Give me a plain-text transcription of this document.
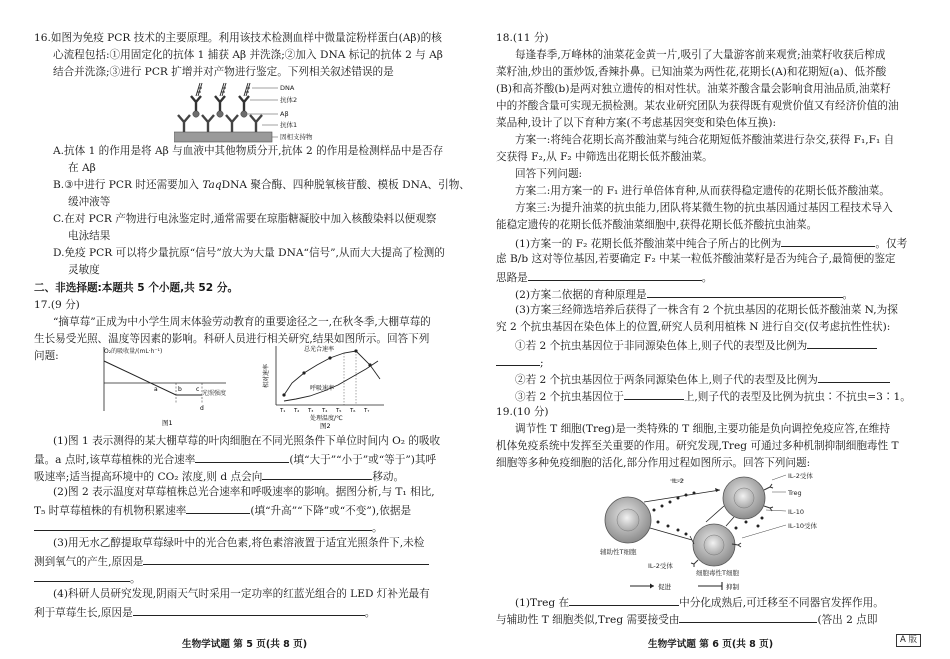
16.如图为免疫 PCR 技术的主要原理。利用该技术检测血样中微量淀粉样蛋白(Aβ)的核
心流程包括:①用固定化的抗体 1 捕获 Aβ 并洗涤;②加入 DNA 标记的抗体 2 与 Aβ
结合并洗涤;③进行 PCR 扩增并对产物进行鉴定。下列相关叙述错误的是
DNA
抗体2
Aβ
抗体1
固相支持物
A.抗体 1 的作用是将 Aβ 与血液中其他物质分开,抗体 2 的作用是检测样品中是否存
在 Aβ
B.③中进行 PCR 时还需要加入 TaqDNA 聚合酶、四种脱氧核苷酸、模板 DNA、引物、
缓冲液等
C.在对 PCR 产物进行电泳鉴定时,通常需要在琼脂糖凝胶中加入核酸染料以便观察
电泳结果
D.免疫 PCR 可以将少量抗原“信号”放大为大量 DNA“信号”,从而大大提高了检测的
灵敏度
二、非选择题:本题共 5 个小题,共 52 分。
17.(9 分)
“摘草莓”正成为中小学生周末体验劳动教育的重要途径之一,在秋冬季,大棚草莓的
生长易受光照、温度等因素的影响。科研人员进行相关研究,结果如图所示。回答下列
问题:	O₂的吸收量/(mL·h⁻¹)
光照强度
a	b c
d
图1
相对速率
总光合速率
呼吸速率
T₁ T₂ T₃ T₄ T₅ T₆ T₇
处理温度/℃
图2
(1)图 1 表示测得的某大棚草莓的叶肉细胞在不同光照条件下单位时间内 O₂ 的吸收
量。a 点时,该草莓植株的光合速率	(填“大于”“小于”或“等于”)其呼
吸速率;适当提高环境中的 CO₂ 浓度,则 d 点会向	移动。
(2)图 2 表示温度对草莓植株总光合速率和呼吸速率的影响。据图分析,与 T₁ 相比,
T₅ 时草莓植株的有机物积累速率	(填“升高”“下降”或“不变”),依据是
。
(3)用无水乙醇提取草莓绿叶中的光合色素,将色素溶液置于适宜光照条件下,未检
测到氧气的产生,原因是
。
(4)科研人员研究发现,阴雨天气时采用一定功率的红蓝光组合的 LED 灯补光最有
利于草莓生长,原因是	。
生物学试题 第 5 页(共 8 页)
18.(11 分)
每逢春季,万峰林的油菜花金黄一片,吸引了大量游客前来观赏;油菜籽收获后榨成
菜籽油,炒出的蛋炒饭,香辣扑鼻。已知油菜为两性花,花期长(A)和花期短(a)、低芥酸
(B)和高芥酸(b)是两对独立遗传的相对性状。油菜芥酸含量会影响食用油品质,油菜籽
中的芥酸含量可实现无损检测。某农业研究团队为获得既有观赏价值又有经济价值的油
菜品种,设计了以下育种方案(不考虑基因突变和染色体互换):
方案一:将纯合花期长高芥酸油菜与纯合花期短低芥酸油菜进行杂交,获得 F₁,F₁ 自
交获得 F₂,从 F₂ 中筛选出花期长低芥酸油菜。
回答下列问题:
方案二:用方案一的 F₁ 进行单倍体育种,从而获得稳定遗传的花期长低芥酸油菜。
方案三:为提升油菜的抗虫能力,团队将某微生物的抗虫基因通过基因工程技术导入
能稳定遗传的花期长低芥酸油菜细胞中,获得花期长低芥酸抗虫油菜。
(1)方案一的 F₂ 花期长低芥酸油菜中纯合子所占的比例为	。仅考
虑 B/b 这对等位基因,若要确定 F₂ 中某一粒低芥酸油菜籽是否为纯合子,最简便的鉴定
思路是	。
(2)方案二依据的育种原理是	。
(3)方案三经筛选培养后获得了一株含有 2 个抗虫基因的花期长低芥酸油菜 N,为探
究 2 个抗虫基因在染色体上的位置,研究人员利用植株 N 进行自交(仅考虑抗性性状):
①若 2 个抗虫基因位于非同源染色体上,则子代的表型及比例为
;
②若 2 个抗虫基因位于两条同源染色体上,则子代的表型及比例为
③若 2 个抗虫基因位于	上,则子代的表型及比例为抗虫∶不抗虫=3∶1。
19.(10 分)
调节性 T 细胞(Treg)是一类特殊的 T 细胞,主要功能是负向调控免疫应答,在维持
机体免疫系统中发挥至关重要的作用。研究发现,Treg 可通过多种机制抑制细胞毒性 T
细胞等多种免疫细胞的活化,部分作用过程如图所示。回答下列问题:
IL-2
IL-2受体
Treg
IL-10
IL-10受体
辅助性T细胞
IL-2受体
细胞毒性T细胞
促进	抑制
(1)Treg 在	中分化成熟后,可迁移至不同器官发挥作用。
与辅助性 T 细胞类似,Treg 需要接受由	(答出 2 点即
生物学试题 第 6 页(共 8 页)	A 版
